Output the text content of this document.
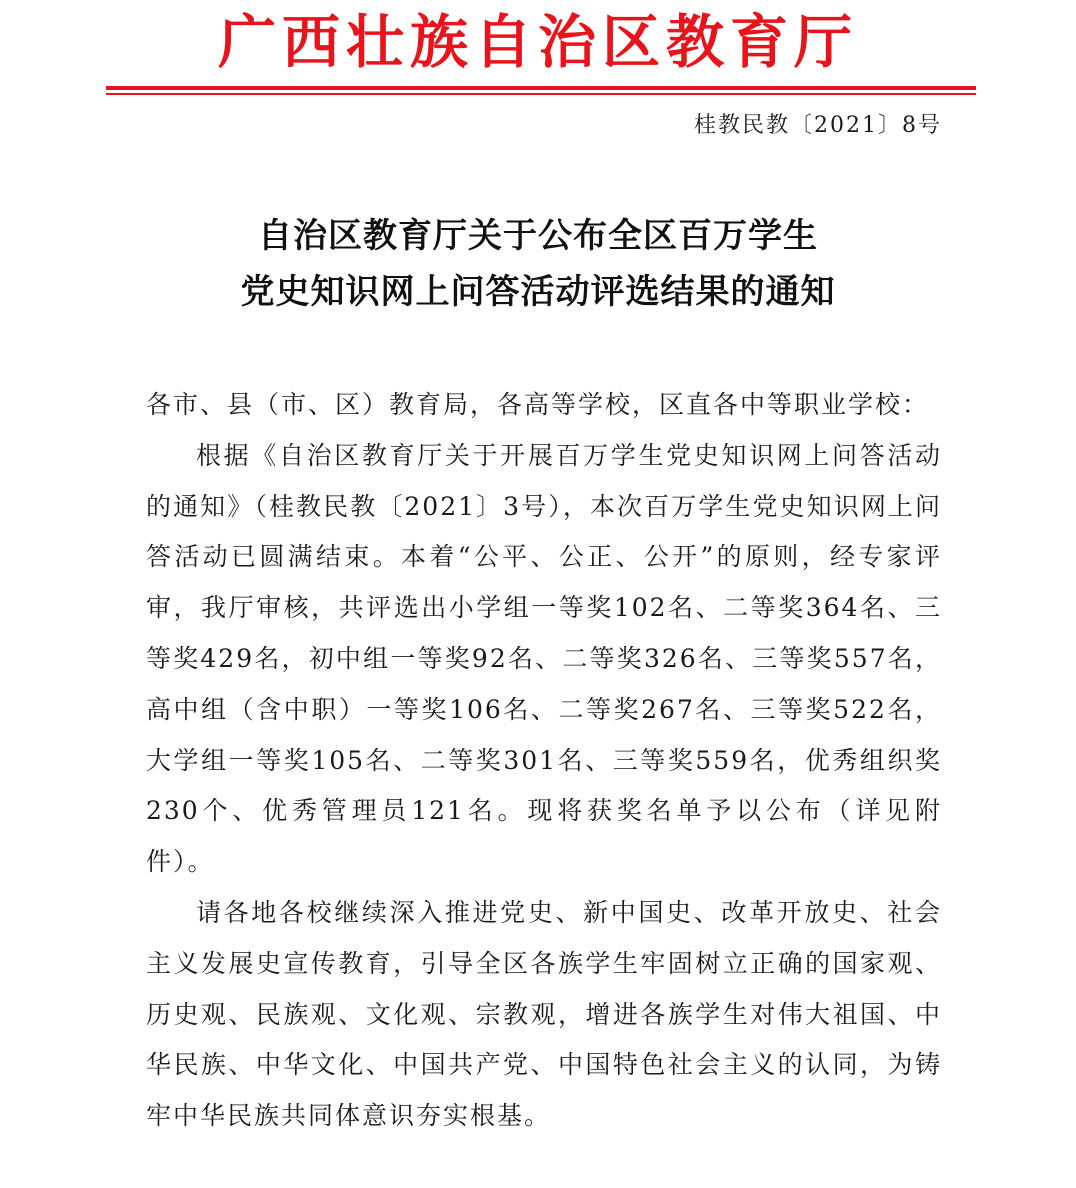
广西壮族自治区教育厅
桂教民教〔2021〕8号
自治区教育厅关于公布全区百万学生
党史知识网上问答活动评选结果的通知

各市、县（市、区）教育局，各高等学校，区直各中等职业学校：

根据《自治区教育厅关于开展百万学生党史知识网上问答活动的通知》（桂教民教〔2021〕3号），本次百万学生党史知识网上问答活动已圆满结束。本着“公平、公正、公开”的原则，经专家评审，我厅审核，共评选出小学组一等奖102名、二等奖364名、三等奖429名，初中组一等奖92名、二等奖326名、三等奖557名，高中组（含中职）一等奖106名、二等奖267名、三等奖522名，大学组一等奖105名、二等奖301名、三等奖559名，优秀组织奖230个、优秀管理员121名。现将获奖名单予以公布（详见附件）。

请各地各校继续深入推进党史、新中国史、改革开放史、社会主义发展史宣传教育，引导全区各族学生牢固树立正确的国家观、历史观、民族观、文化观、宗教观，增进各族学生对伟大祖国、中华民族、中华文化、中国共产党、中国特色社会主义的认同，为铸牢中华民族共同体意识夯实根基。
